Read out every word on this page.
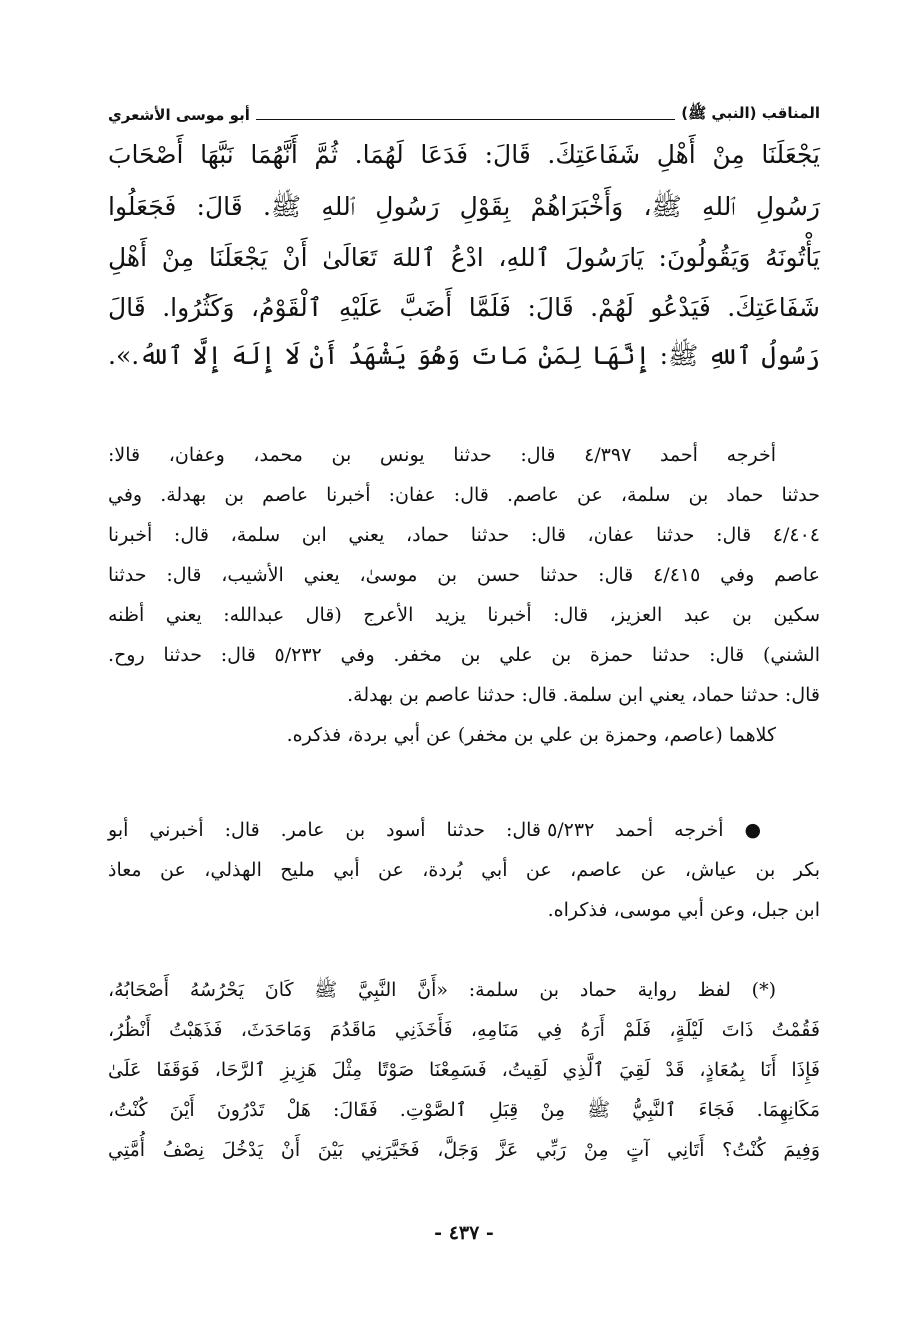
المناقب (النبي ﷺ)
أبو موسى الأشعري
يَجْعَلَنَا مِنْ أَهْلِ شَفَاعَتِكَ. قَالَ: فَدَعَا لَهُمَا. ثُمَّ أَنَّهُمَا نَبَّهَا أَصْحَابَ
رَسُولِ ٱللهِ ﷺ، وَأَخْبَرَاهُمْ بِقَوْلِ رَسُولِ ٱللهِ ﷺ. قَالَ: فَجَعَلُوا
يَأْتُونَهُ وَيَقُولُونَ: يَارَسُولَ ٱللهِ، ادْعُ ٱللهَ تَعَالَىٰ أَنْ يَجْعَلَنَا مِنْ أَهْلِ
شَفَاعَتِكَ. فَيَدْعُو لَهُمْ. قَالَ: فَلَمَّا أَضَبَّ عَلَيْهِ ٱلْقَوْمُ، وَكَثُرُوا. قَالَ
رَسُولُ ٱللهِ ﷺ: إِنَّهَا لِمَنْ مَاتَ وَهُوَ يَشْهَدُ أَنْ لَا إِلَهَ إِلَّا ٱللهُ.».
أخرجه أحمد ٤/٣٩٧ قال: حدثنا يونس بن محمد، وعفان، قالا:
حدثنا حماد بن سلمة، عن عاصم. قال: عفان: أخبرنا عاصم بن بهدلة. وفي
٤/٤٠٤ قال: حدثنا عفان، قال: حدثنا حماد، يعني ابن سلمة، قال: أخبرنا
عاصم وفي ٤/٤١٥ قال: حدثنا حسن بن موسىٰ، يعني الأشيب، قال: حدثنا
سكين بن عبد العزيز، قال: أخبرنا يزيد الأعرج (قال عبدالله: يعني أظنه
الشني) قال: حدثنا حمزة بن علي بن مخفر. وفي ٥/٢٣٢ قال: حدثنا روح.
قال: حدثنا حماد، يعني ابن سلمة. قال: حدثنا عاصم بن بهدلة.
كلاهما (عاصم، وحمزة بن علي بن مخفر) عن أبي بردة، فذكره.
● أخرجه أحمد ٥/٢٣٢ قال: حدثنا أسود بن عامر. قال: أخبرني أبو
بكر بن عياش، عن عاصم، عن أبي بُردة، عن أبي مليح الهذلي، عن معاذ
ابن جبل، وعن أبي موسى، فذكراه.
(*) لفظ رواية حماد بن سلمة: «أَنَّ النَّبِيَّ ﷺ كَانَ يَحْرُسُهُ أَصْحَابُهُ،
فَقُمْتُ ذَاتَ لَيْلَةٍ، فَلَمْ أَرَهُ فِي مَنَامِهِ، فَأَخَذَنِي مَاقَدُمَ وَمَاحَدَثَ، فَذَهَبْتُ أَنْظُرُ،
فَإِذَا أَنَا بِمُعَاذٍ، قَدْ لَقِيَ ٱلَّذِي لَقِيتُ، فَسَمِعْنَا صَوْتًا مِثْلَ هَزِيزِ ٱلرَّحَا، فَوَقَفَا عَلَىٰ
مَكَانِهِمَا. فَجَاءَ ٱلنَّبِيُّ ﷺ مِنْ قِبَلِ ٱلصَّوْتِ. فَقَالَ: هَلْ تَدْرُونَ أَيْنَ كُنْتُ،
وَفِيمَ كُنْتُ؟ أَتَانِي آتٍ مِنْ رَبِّي عَزَّ وَجَلَّ، فَخَيَّرَنِي بَيْنَ أَنْ يَدْخُلَ نِصْفُ أُمَّتِي
- ٤٣٧ -
